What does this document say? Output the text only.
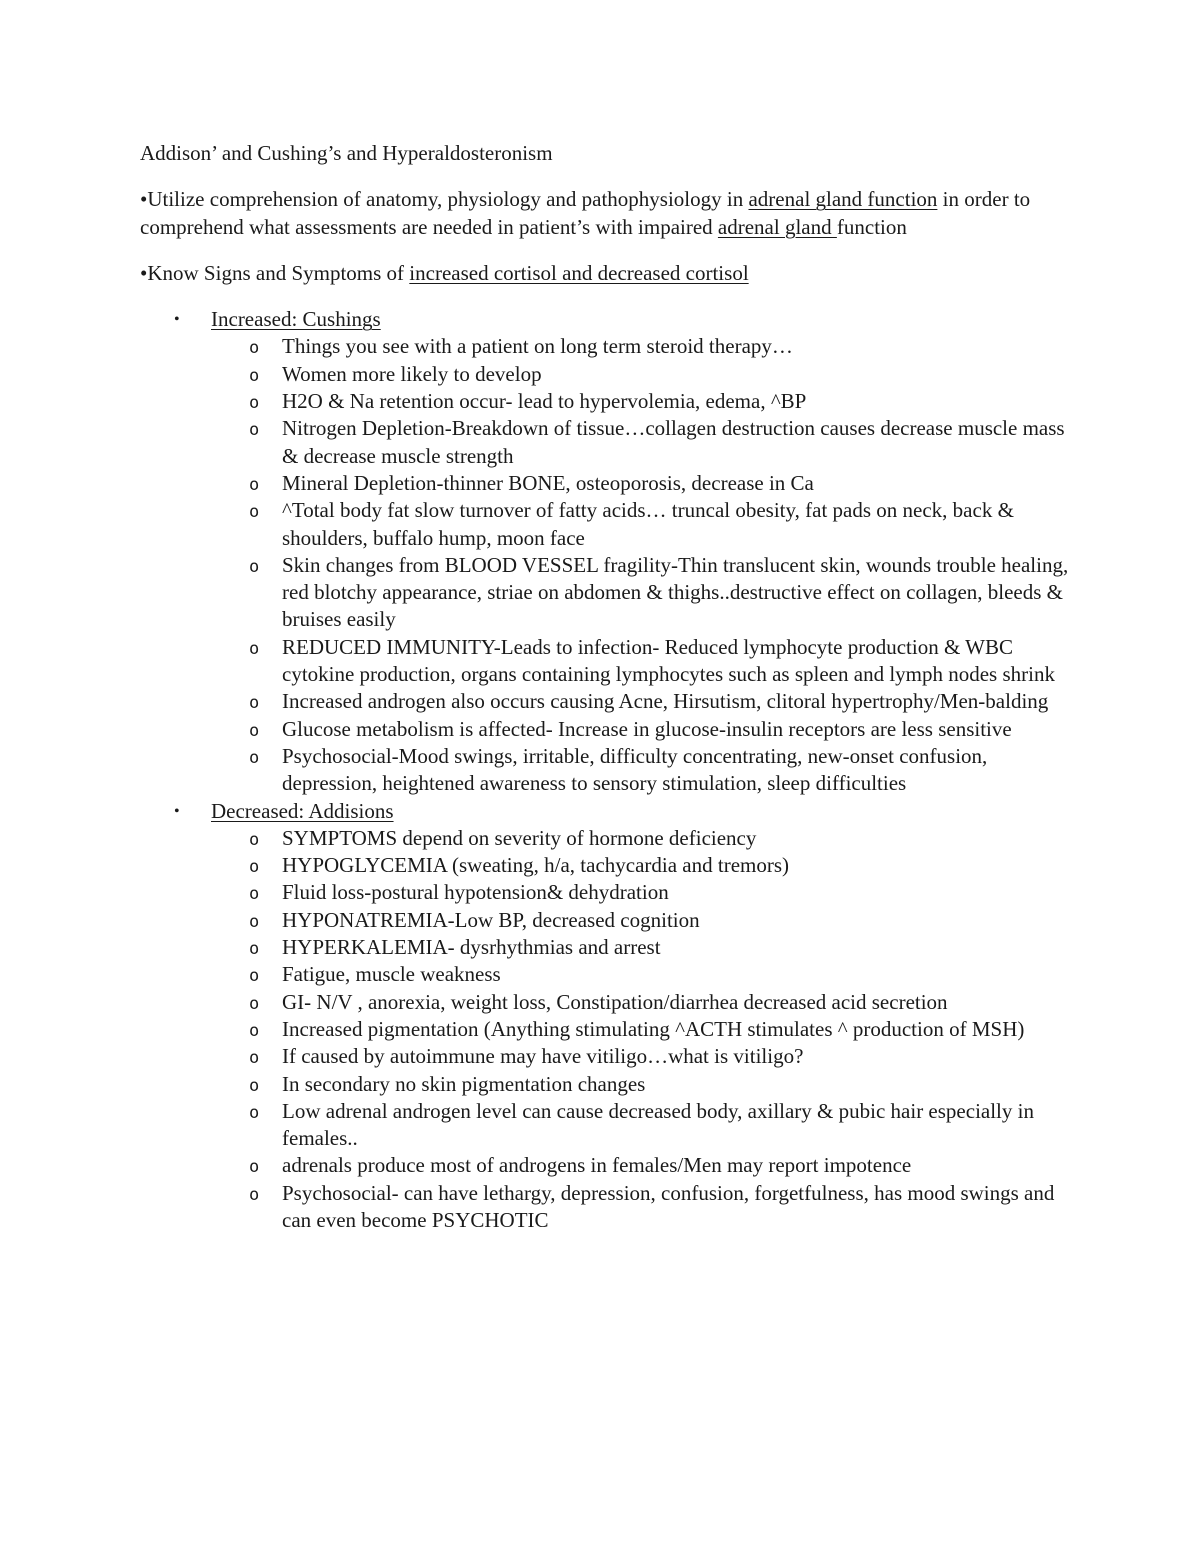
Addison’ and Cushing’s and Hyperaldosteronism

•Utilize comprehension of anatomy, physiology and pathophysiology in adrenal gland function in order to comprehend what assessments are needed in patient’s with impaired adrenal gland function

•Know Signs and Symptoms of increased cortisol and decreased cortisol

• Increased: Cushings
o Things you see with a patient on long term steroid therapy…
o Women more likely to develop
o H2O & Na retention occur- lead to hypervolemia, edema, ^BP
o Nitrogen Depletion-Breakdown of tissue…collagen destruction causes decrease muscle mass & decrease muscle strength
o Mineral Depletion-thinner BONE, osteoporosis, decrease in Ca
o ^Total body fat slow turnover of fatty acids… truncal obesity, fat pads on neck, back & shoulders, buffalo hump, moon face
o Skin changes from BLOOD VESSEL fragility-Thin translucent skin, wounds trouble healing, red blotchy appearance, striae on abdomen & thighs..destructive effect on collagen, bleeds & bruises easily
o REDUCED IMMUNITY-Leads to infection- Reduced lymphocyte production & WBC cytokine production, organs containing lymphocytes such as spleen and lymph nodes shrink
o Increased androgen also occurs causing Acne, Hirsutism, clitoral hypertrophy/Men-balding
o Glucose metabolism is affected- Increase in glucose-insulin receptors are less sensitive
o Psychosocial-Mood swings, irritable, difficulty concentrating, new-onset confusion, depression, heightened awareness to sensory stimulation, sleep difficulties
• Decreased: Addisions
o SYMPTOMS depend on severity of hormone deficiency
o HYPOGLYCEMIA (sweating, h/a, tachycardia and tremors)
o Fluid loss-postural hypotension& dehydration
o HYPONATREMIA-Low BP, decreased cognition
o HYPERKALEMIA- dysrhythmias and arrest
o Fatigue, muscle weakness
o GI- N/V , anorexia, weight loss, Constipation/diarrhea decreased acid secretion
o Increased pigmentation (Anything stimulating ^ACTH stimulates ^ production of MSH)
o If caused by autoimmune may have vitiligo…what is vitiligo?
o In secondary no skin pigmentation changes
o Low adrenal androgen level can cause decreased body, axillary & pubic hair especially in females..
o adrenals produce most of androgens in females/Men may report impotence
o Psychosocial- can have lethargy, depression, confusion, forgetfulness, has mood swings and can even become PSYCHOTIC
